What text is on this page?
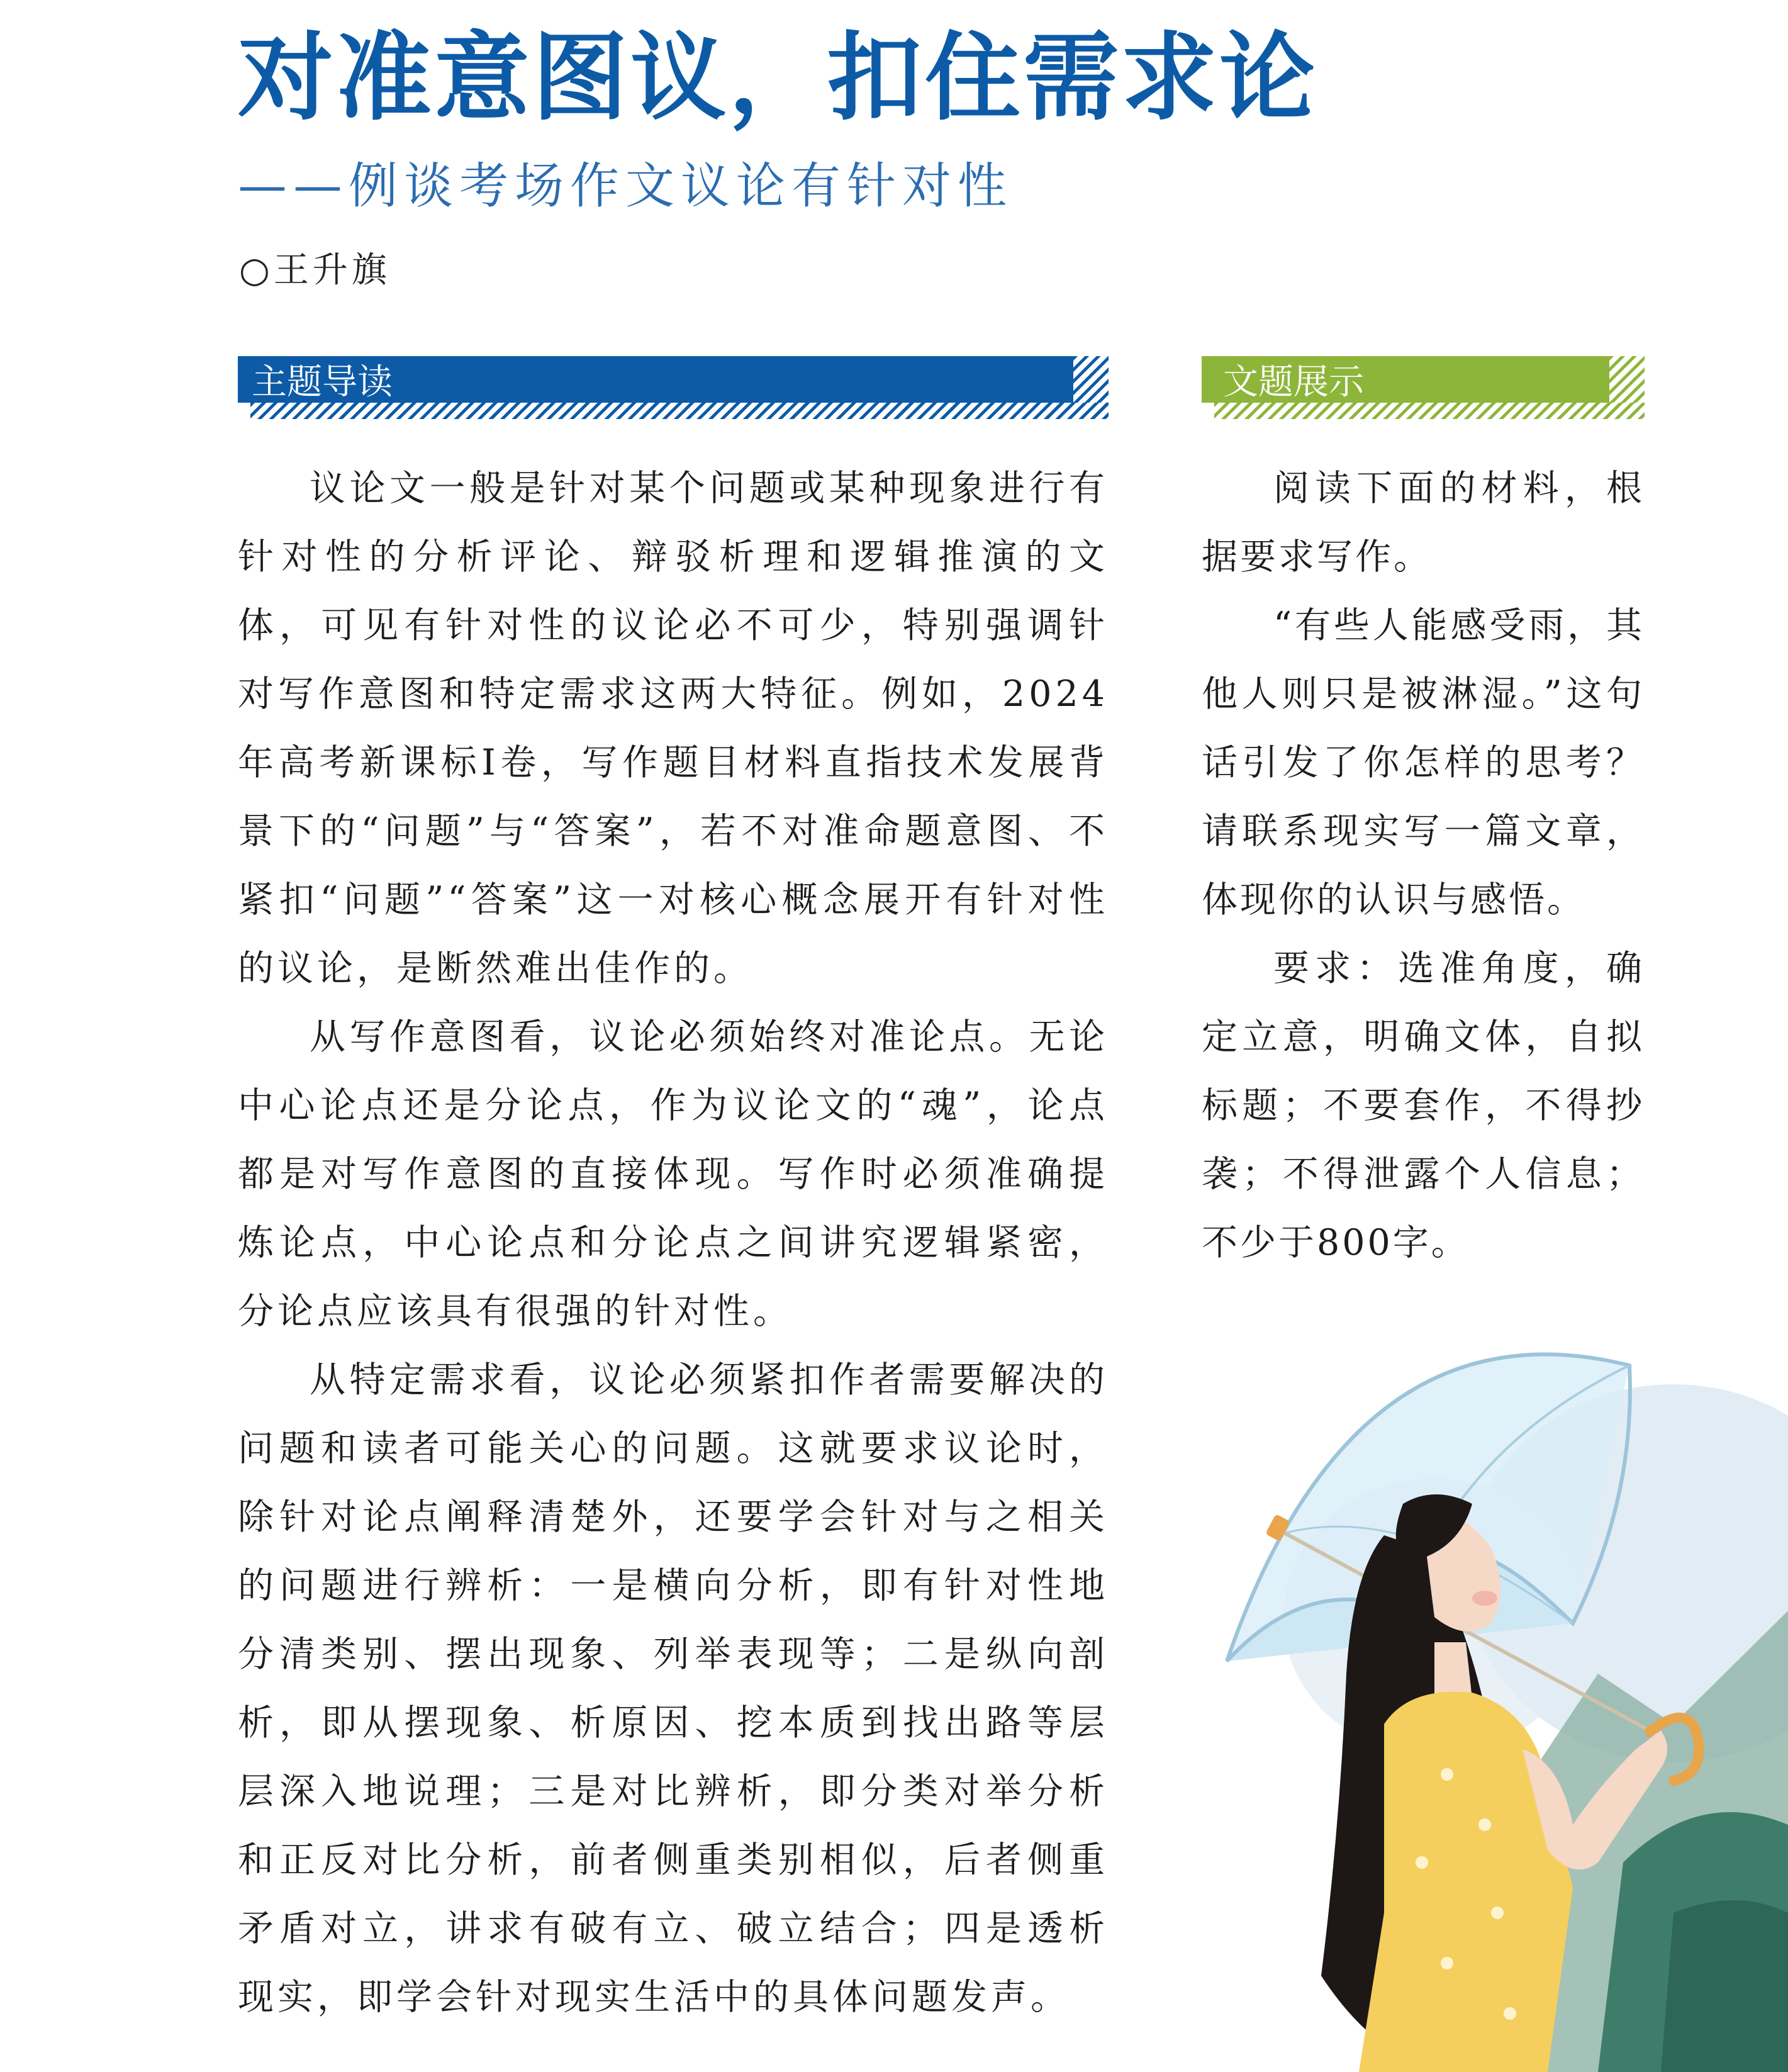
对准意图议，扣住需求论
——例谈考场作文议论有针对性
○王升旗
主题导读	文题展示

议论文一般是针对某个问题或某种现象进行有针对性的分析评论、辩驳析理和逻辑推演的文体，可见有针对性的议论必不可少，特别强调针对写作意图和特定需求这两大特征。例如，2024年高考新课标I卷，写作题目材料直指技术发展背景下的“问题”与“答案”，若不对准命题意图、不紧扣“问题”“答案”这一对核心概念展开有针对性的议论，是断然难出佳作的。

从写作意图看，议论必须始终对准论点。无论中心论点还是分论点，作为议论文的“魂”，论点都是对写作意图的直接体现。写作时必须准确提炼论点，中心论点和分论点之间讲究逻辑紧密，分论点应该具有很强的针对性。

从特定需求看，议论必须紧扣作者需要解决的问题和读者可能关心的问题。这就要求议论时，除针对论点阐释清楚外，还要学会针对与之相关的问题进行辨析：一是横向分析，即有针对性地分清类别、摆出现象、列举表现等；二是纵向剖析，即从摆现象、析原因、挖本质到找出路等层层深入地说理；三是对比辨析，即分类对举分析和正反对比分析，前者侧重类别相似，后者侧重矛盾对立，讲求有破有立、破立结合；四是透析现实，即学会针对现实生活中的具体问题发声。

阅读下面的材料，根据要求写作。

“有些人能感受雨，其他人则只是被淋湿。”这句话引发了你怎样的思考？请联系现实写一篇文章，体现你的认识与感悟。

要求：选准角度，确定立意，明确文体，自拟标题；不要套作，不得抄袭；不得泄露个人信息；不少于800字。
